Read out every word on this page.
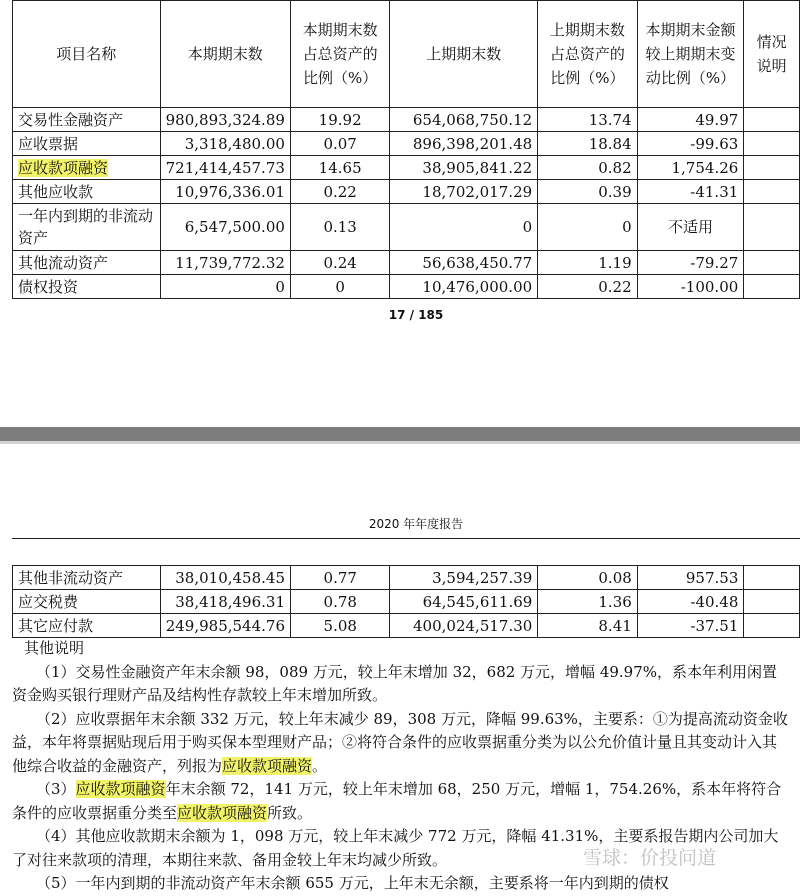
项目名称	本期期末数	本期期末数占总资产的比例（%）	上期期末数	上期期末数占总资产的比例（%）	本期期末金额较上期期末变动比例（%）	情况说明
交易性金融资产	980,893,324.89	19.92	654,068,750.12	13.74	49.97	
应收票据	3,318,480.00	0.07	896,398,201.48	18.84	-99.63	
应收款项融资	721,414,457.73	14.65	38,905,841.22	0.82	1,754.26	
其他应收款	10,976,336.01	0.22	18,702,017.29	0.39	-41.31	
一年内到期的非流动资产	6,547,500.00	0.13	0	0	不适用	
其他流动资产	11,739,772.32	0.24	56,638,450.77	1.19	-79.27	
债权投资	0	0	10,476,000.00	0.22	-100.00	
17 / 185
2020 年年度报告
其他非流动资产	38,010,458.45	0.77	3,594,257.39	0.08	957.53	
应交税费	38,418,496.31	0.78	64,545,611.69	1.36	-40.48	
其它应付款	249,985,544.76	5.08	400,024,517.30	8.41	-37.51	
其他说明

（1）交易性金融资产年末余额 98，089 万元，较上年末增加 32，682 万元，增幅 49.97%，系本年利用闲置资金购买银行理财产品及结构性存款较上年末增加所致。

（2）应收票据年末余额 332 万元，较上年末减少 89，308 万元，降幅 99.63%，主要系：①为提高流动资金收益，本年将票据贴现后用于购买保本型理财产品；②将符合条件的应收票据重分类为以公允价值计量且其变动计入其他综合收益的金融资产，列报为应收款项融资。

（3）应收款项融资年末余额 72，141 万元，较上年末增加 68，250 万元，增幅 1，754.26%，系本年将符合条件的应收票据重分类至应收款项融资所致。

（4）其他应收款期末余额为 1，098 万元，较上年末减少 772 万元，降幅 41.31%，主要系报告期内公司加大了对往来款项的清理，本期往来款、备用金较上年末均减少所致。

（5）一年内到期的非流动资产年末余额 655 万元，上年末无余额，主要系将一年内到期的债权

雪球：价投问道
